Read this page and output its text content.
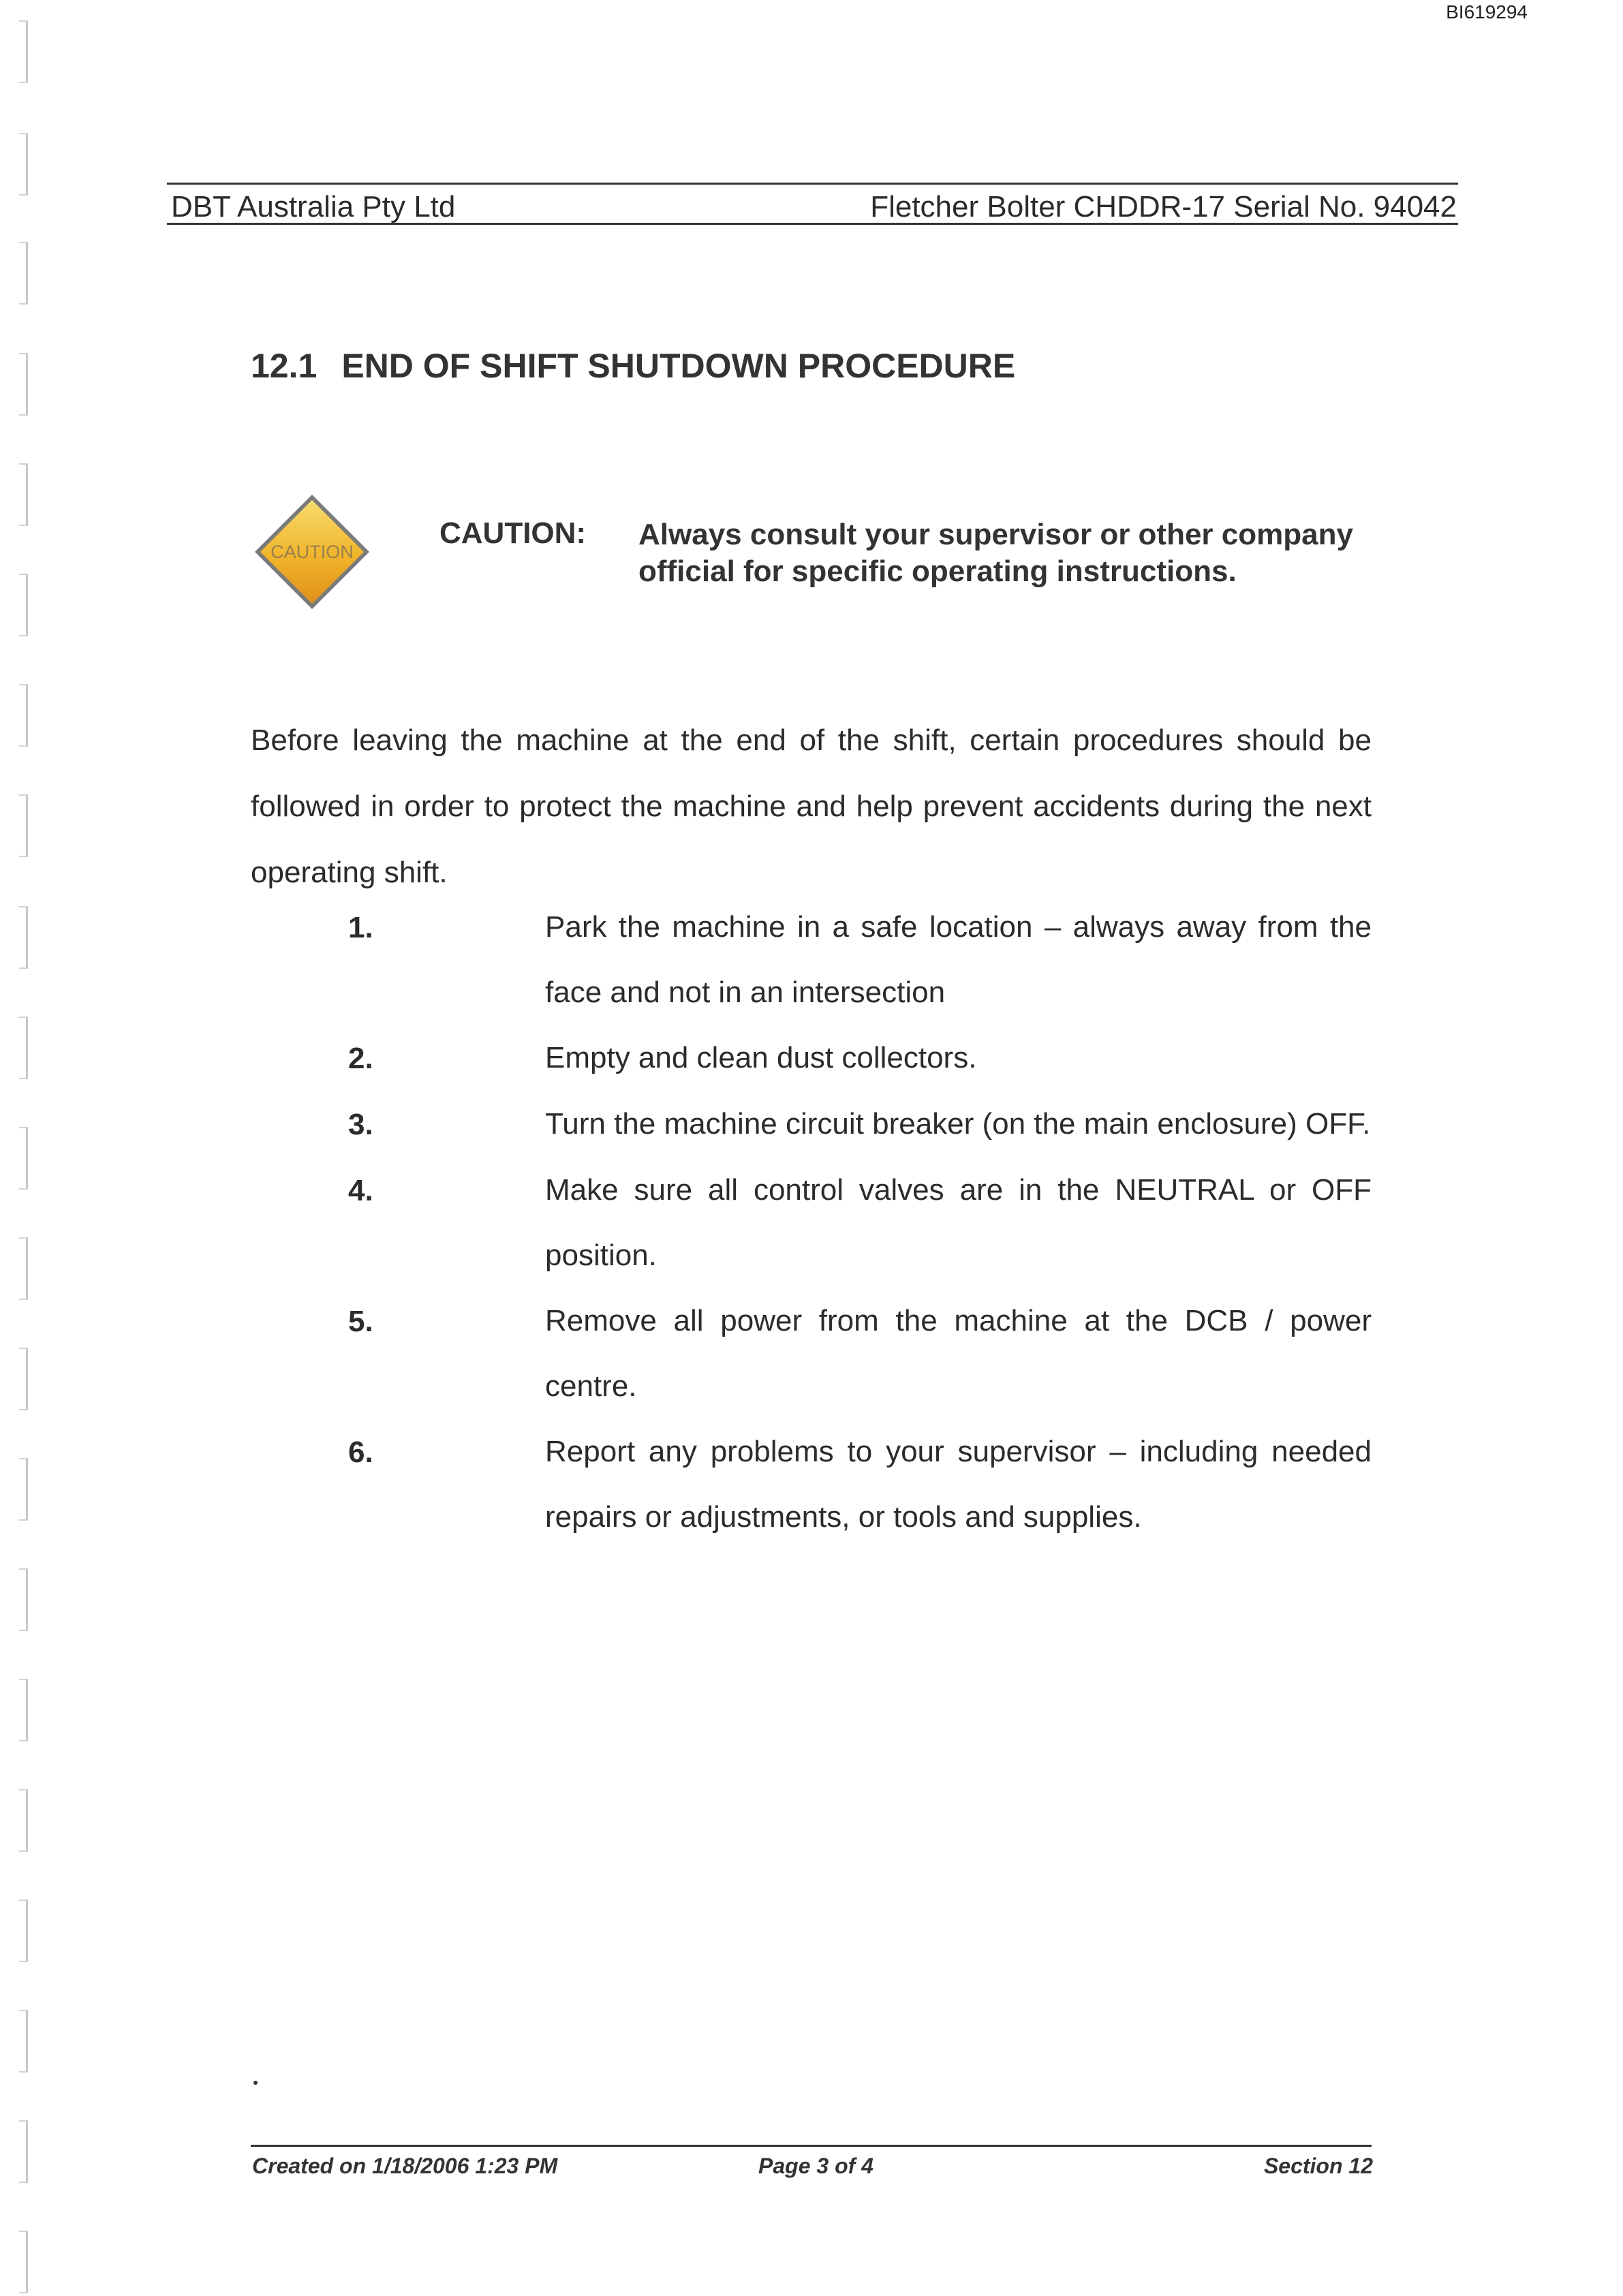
BI619294
DBT Australia Pty Ltd	Fletcher Bolter CHDDR-17 Serial No. 94042
12.1 END OF SHIFT SHUTDOWN PROCEDURE
CAUTION
CAUTION: Always consult your supervisor or other company official for specific operating instructions.
Before leaving the machine at the end of the shift, certain procedures should be followed in order to protect the machine and help prevent accidents during the next operating shift.
1.	Park the machine in a safe location – always away from the face and not in an intersection
2.	Empty and clean dust collectors.
3.	Turn the machine circuit breaker (on the main enclosure) OFF.
4.	Make sure all control valves are in the NEUTRAL or OFF position.
5.	Remove all power from the machine at the DCB / power centre.
6.	Report any problems to your supervisor – including needed repairs or adjustments, or tools and supplies.
Created on 1/18/2006 1:23 PM	Page 3 of 4	Section 12
